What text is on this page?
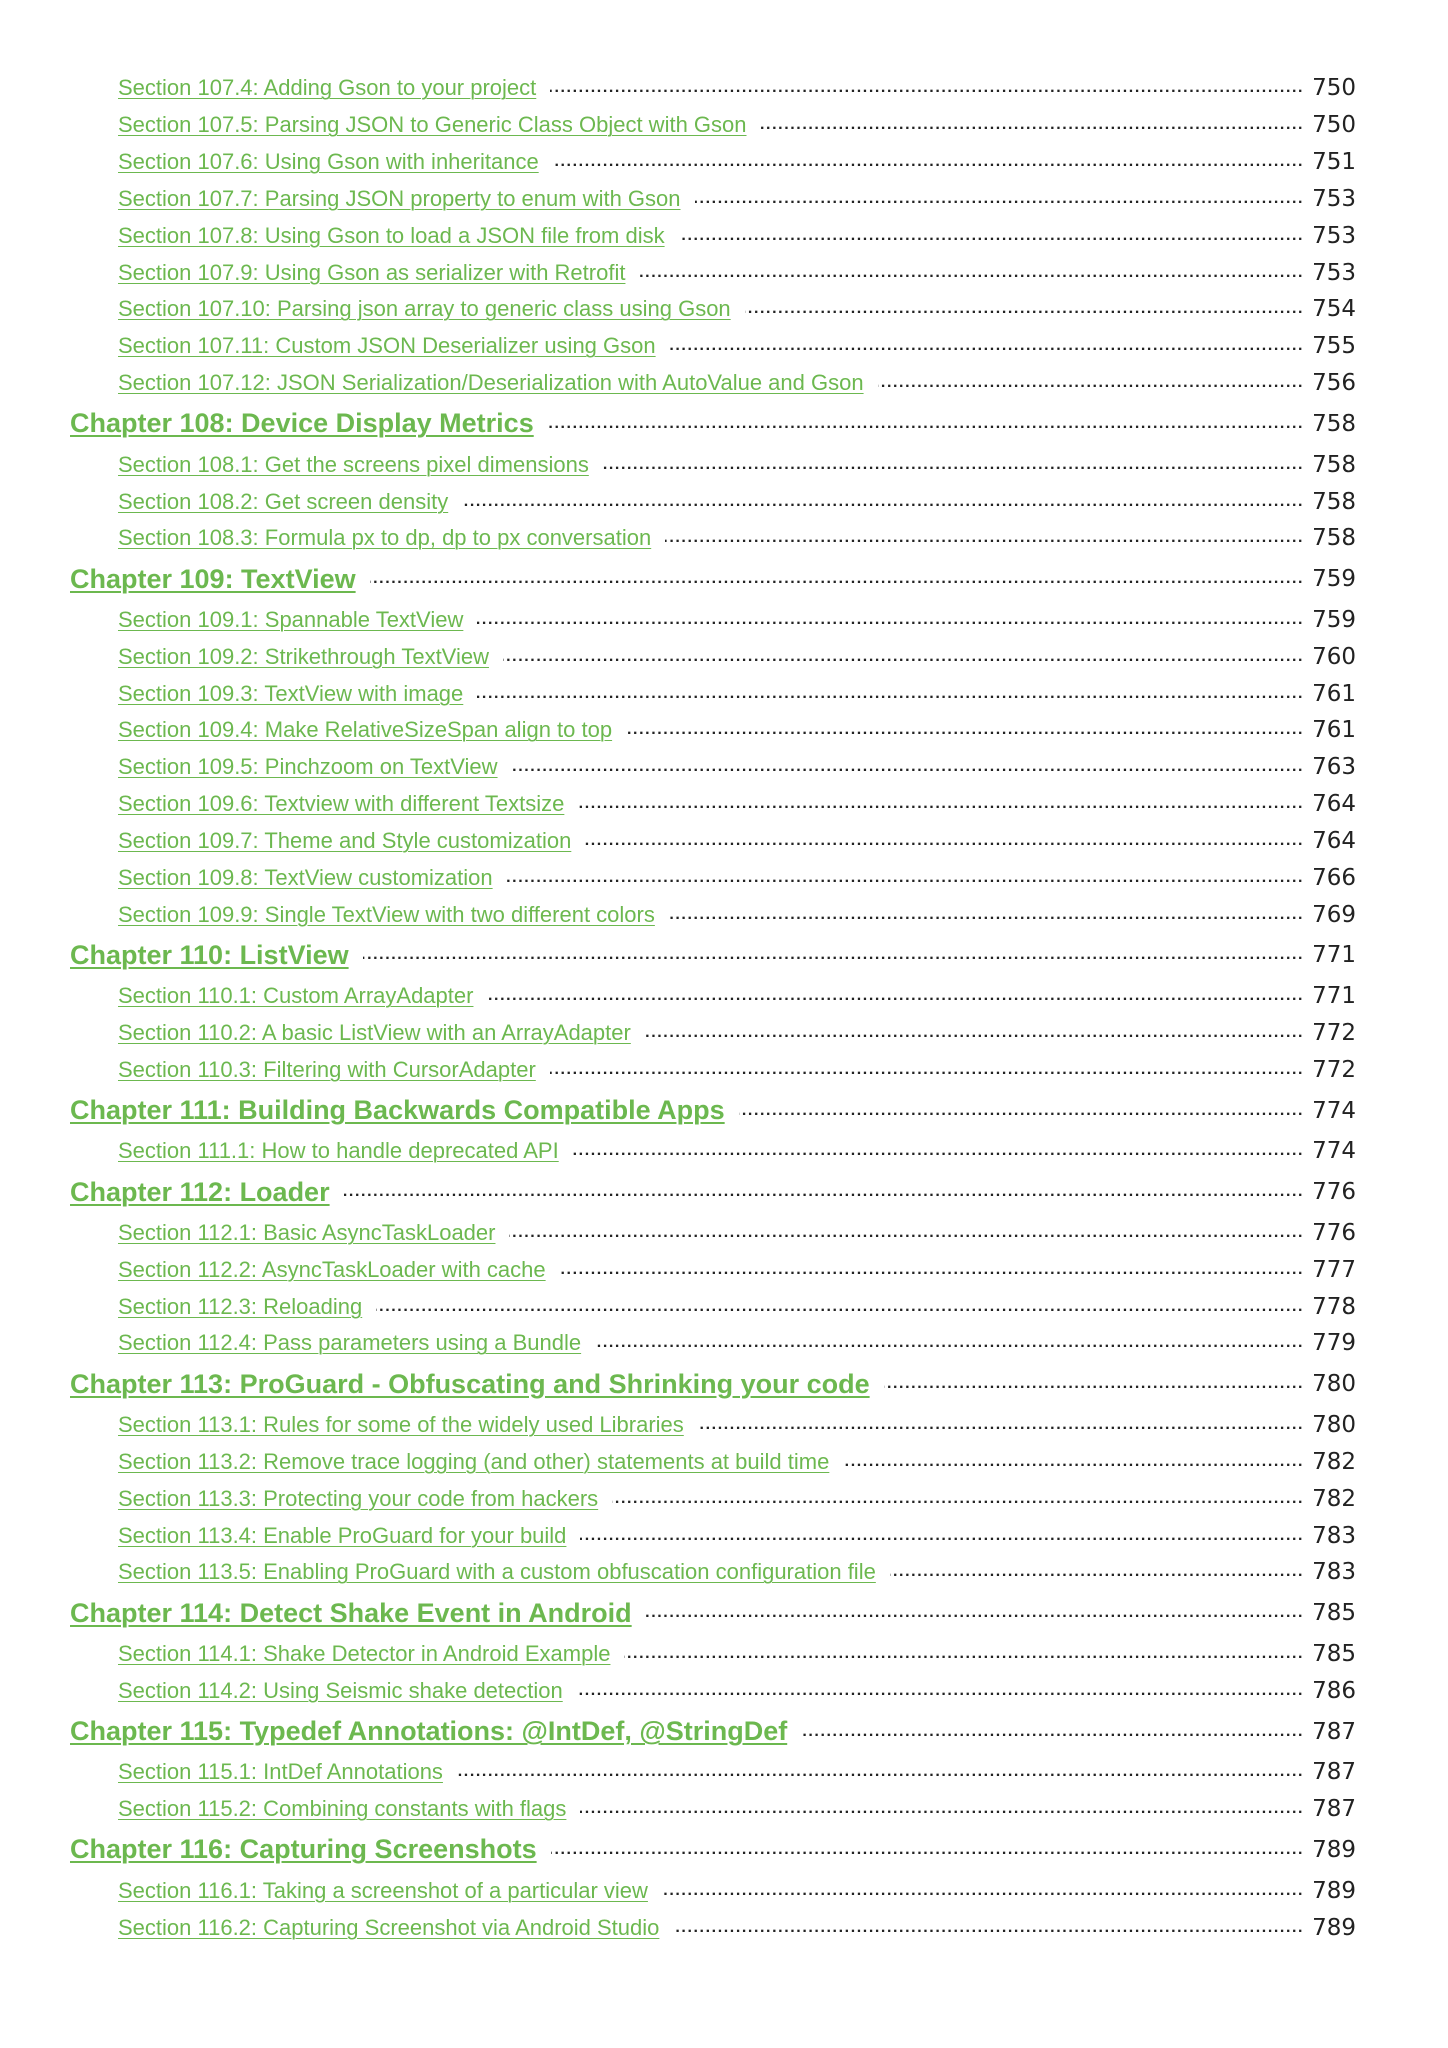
Section 107.4: Adding Gson to your project .....	750
Section 107.5: Parsing JSON to Generic Class Object with Gson .....	750
Section 107.6: Using Gson with inheritance .....	751
Section 107.7: Parsing JSON property to enum with Gson .....	753
Section 107.8: Using Gson to load a JSON file from disk .....	753
Section 107.9: Using Gson as serializer with Retrofit .....	753
Section 107.10: Parsing json array to generic class using Gson .....	754
Section 107.11: Custom JSON Deserializer using Gson .....	755
Section 107.12: JSON Serialization/Deserialization with AutoValue and Gson .....	756
Chapter 108: Device Display Metrics .....	758
Section 108.1: Get the screens pixel dimensions .....	758
Section 108.2: Get screen density .....	758
Section 108.3: Formula px to dp, dp to px conversation .....	758
Chapter 109: TextView .....	759
Section 109.1: Spannable TextView .....	759
Section 109.2: Strikethrough TextView .....	760
Section 109.3: TextView with image .....	761
Section 109.4: Make RelativeSizeSpan align to top .....	761
Section 109.5: Pinchzoom on TextView .....	763
Section 109.6: Textview with different Textsize .....	764
Section 109.7: Theme and Style customization .....	764
Section 109.8: TextView customization .....	766
Section 109.9: Single TextView with two different colors .....	769
Chapter 110: ListView .....	771
Section 110.1: Custom ArrayAdapter .....	771
Section 110.2: A basic ListView with an ArrayAdapter .....	772
Section 110.3: Filtering with CursorAdapter .....	772
Chapter 111: Building Backwards Compatible Apps .....	774
Section 111.1: How to handle deprecated API .....	774
Chapter 112: Loader .....	776
Section 112.1: Basic AsyncTaskLoader .....	776
Section 112.2: AsyncTaskLoader with cache .....	777
Section 112.3: Reloading .....	778
Section 112.4: Pass parameters using a Bundle .....	779
Chapter 113: ProGuard - Obfuscating and Shrinking your code .....	780
Section 113.1: Rules for some of the widely used Libraries .....	780
Section 113.2: Remove trace logging (and other) statements at build time .....	782
Section 113.3: Protecting your code from hackers .....	782
Section 113.4: Enable ProGuard for your build .....	783
Section 113.5: Enabling ProGuard with a custom obfuscation configuration file .....	783
Chapter 114: Detect Shake Event in Android .....	785
Section 114.1: Shake Detector in Android Example .....	785
Section 114.2: Using Seismic shake detection .....	786
Chapter 115: Typedef Annotations: @IntDef, @StringDef .....	787
Section 115.1: IntDef Annotations .....	787
Section 115.2: Combining constants with flags .....	787
Chapter 116: Capturing Screenshots .....	789
Section 116.1: Taking a screenshot of a particular view .....	789
Section 116.2: Capturing Screenshot via Android Studio .....	789
